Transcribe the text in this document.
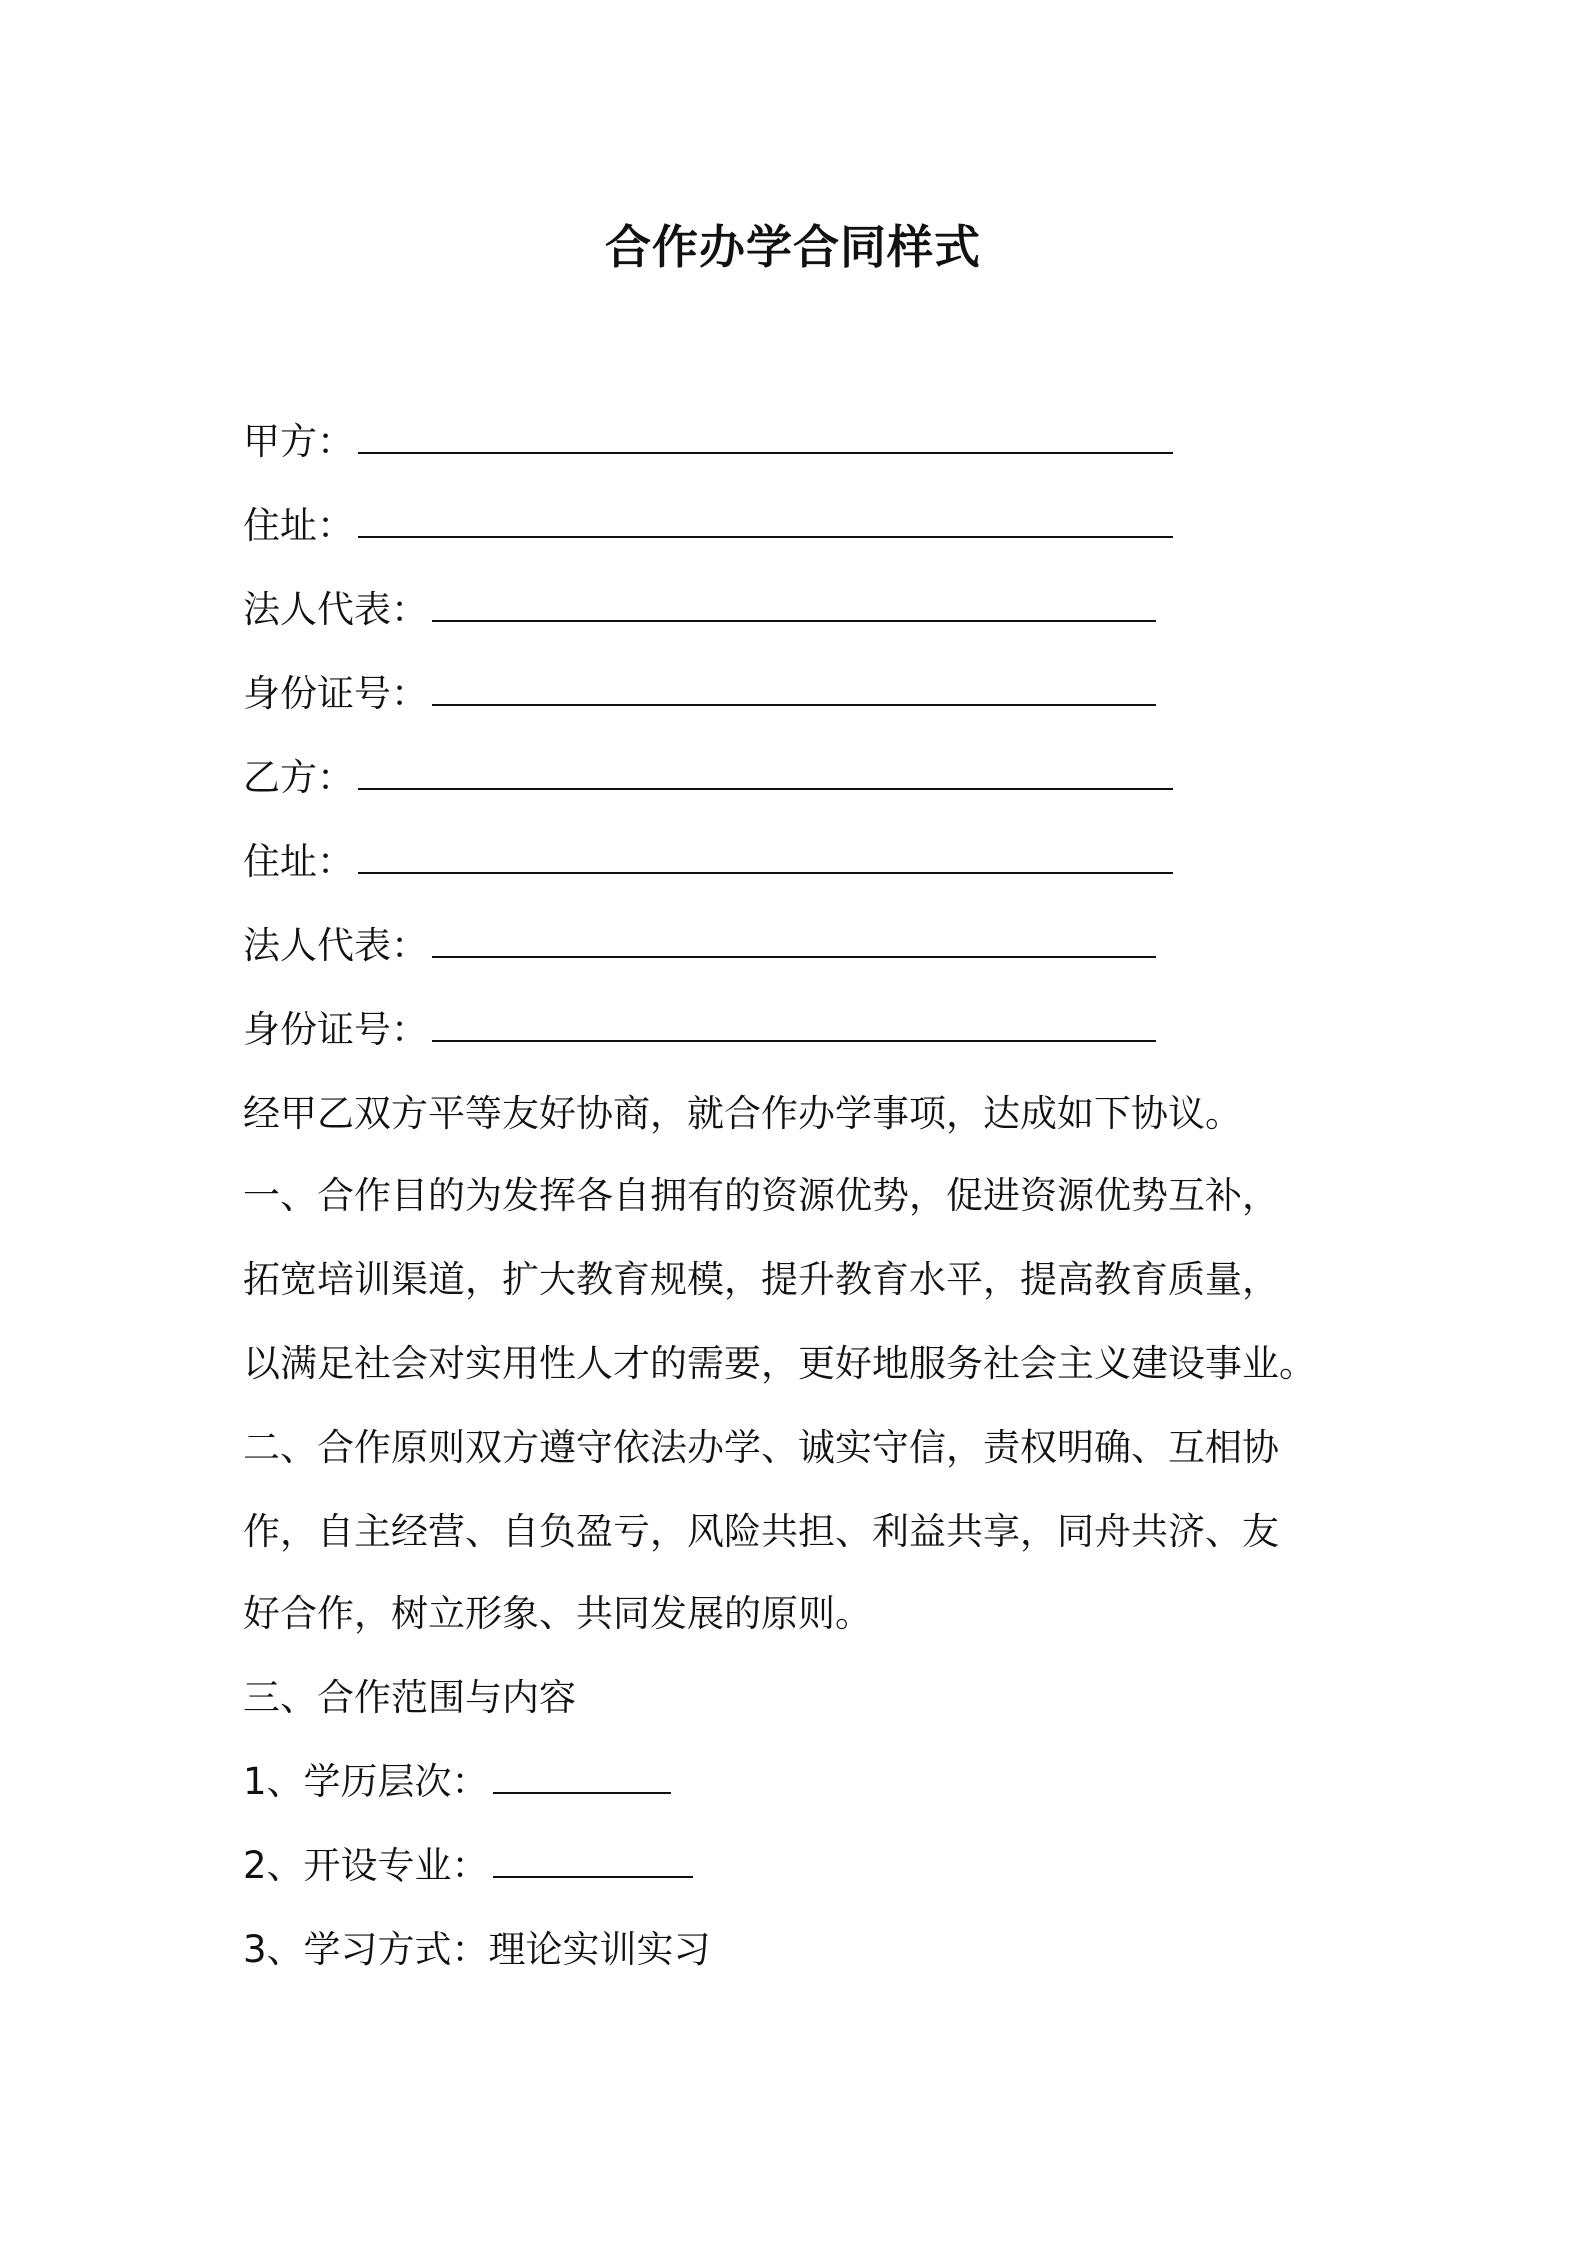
合作办学合同样式
甲方：
住址：
法人代表：
身份证号：
乙方：
住址：
法人代表：
身份证号：
经甲乙双方平等友好协商，就合作办学事项，达成如下协议。
一、合作目的为发挥各自拥有的资源优势，促进资源优势互补，
拓宽培训渠道，扩大教育规模，提升教育水平，提高教育质量，
以满足社会对实用性人才的需要，更好地服务社会主义建设事业。
二、合作原则双方遵守依法办学、诚实守信，责权明确、互相协
作，自主经营、自负盈亏，风险共担、利益共享，同舟共济、友
好合作，树立形象、共同发展的原则。
三、合作范围与内容
1、学历层次：
2、开设专业：
3、学习方式：理论实训实习
